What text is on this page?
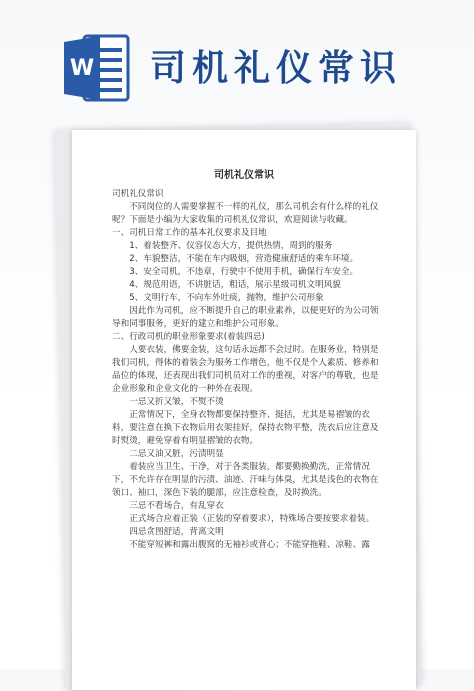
W 司机礼仪常识
司机礼仪常识

司机礼仪常识

不同岗位的人需要掌握不一样的礼仪，那么司机会有什么样的礼仪呢？下面是小编为大家收集的司机礼仪常识，欢迎阅读与收藏。

一、司机日常工作的基本礼仪要求及目地

1、着装整齐、仪容仪态大方，提供热情，周到的服务

2、车貌整洁，不能在车内吸烟，营造健康舒适的乘车环境。

3、安全司机，不违章，行驶中不使用手机，确保行车安全。

4、规范用语，不讲脏话，粗话，展示星级司机文明风貌

5、文明行车，不向车外吐痰，抛物，维护公司形象

因此作为司机，应不断提升自己的职业素养，以便更好的为公司领导和同事服务，更好的建立和维护公司形象。

二、行政司机的职业形象要求(着装四忌)

人要衣装，佛要金装，这句话永远都不会过时。在服务业，特别是我们司机，得体的着装会为服务工作增色，他不仅是个人素质、修养和品位的体现，还表现出我们司机员对工作的重视，对客户的尊敬，也是企业形象和企业文化的一种外在表现。

一忌又折又皱，不熨不烫

正常情况下，全身衣物都要保持整齐、挺括，尤其是易褶皱的衣料，要注意在换下衣物后用衣架挂好，保持衣物平整，洗衣后应注意及时熨烫，避免穿着有明显褶皱的衣物。

二忌又油又脏，污渍明显

着装应当卫生、干净，对于各类服装，都要勤换勤洗，正常情况下，不允许存在明显的污渍、油迹、汗味与体臭，尤其是浅色的衣物在领口、袖口，深色下装的腿部，应注意检查，及时换洗。

三忌不看场合，有乱穿衣

正式场合应着正装（正装的穿着要求），特殊场合要按要求着装。

四忌贪图舒适，背离文明

不能穿短裤和露出腹窝的无袖衫或背心；不能穿拖鞋、凉鞋、露
